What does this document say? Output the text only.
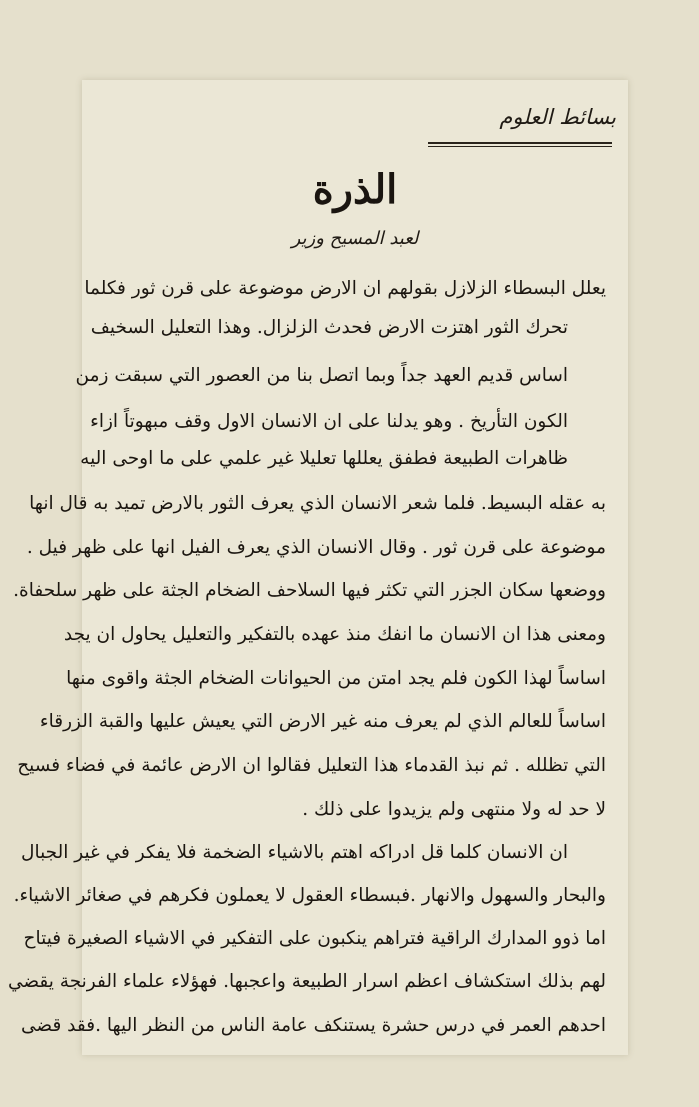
بسائط العلوم
الذرة
لعبد المسيح وزير
يعلل البسطاء الزلازل بقولهم ان الارض موضوعة على قرن ثور فكلما
تحرك الثور اهتزت الارض فحدث الزلزال. وهذا التعليل السخيف
اساس قديم العهد جداً وبما اتصل بنا من العصور التي سبقت زمن
الكون التأريخ . وهو يدلنا على ان الانسان الاول وقف مبهوتاً ازاء
ظاهرات الطبيعة فطفق يعللها تعليلا غير علمي على ما اوحى اليه
به عقله البسيط. فلما شعر الانسان الذي يعرف الثور بالارض تميد به قال انها
موضوعة على قرن ثور . وقال الانسان الذي يعرف الفيل انها على ظهر فيل .
ووضعها سكان الجزر التي تكثر فيها السلاحف الضخام الجثة على ظهر سلحفاة.
ومعنى هذا ان الانسان ما انفك منذ عهده بالتفكير والتعليل يحاول ان يجد
اساساً لهذا الكون فلم يجد امتن من الحيوانات الضخام الجثة واقوى منها
اساساً للعالم الذي لم يعرف منه غير الارض التي يعيش عليها والقبة الزرقاء
التي تظلله . ثم نبذ القدماء هذا التعليل فقالوا ان الارض عائمة في فضاء فسيح
لا حد له ولا منتهى ولم يزيدوا على ذلك .
ان الانسان كلما قل ادراكه اهتم بالاشياء الضخمة فلا يفكر في غير الجبال
والبحار والسهول والانهار .فبسطاء العقول لا يعملون فكرهم في صغائر الاشياء.
اما ذوو المدارك الراقية فتراهم ينكبون على التفكير في الاشياء الصغيرة فيتاح
لهم بذلك استكشاف اعظم اسرار الطبيعة واعجبها. فهؤلاء علماء الفرنجة يقضي
احدهم العمر في درس حشرة يستنكف عامة الناس من النظر اليها .فقد قضى
